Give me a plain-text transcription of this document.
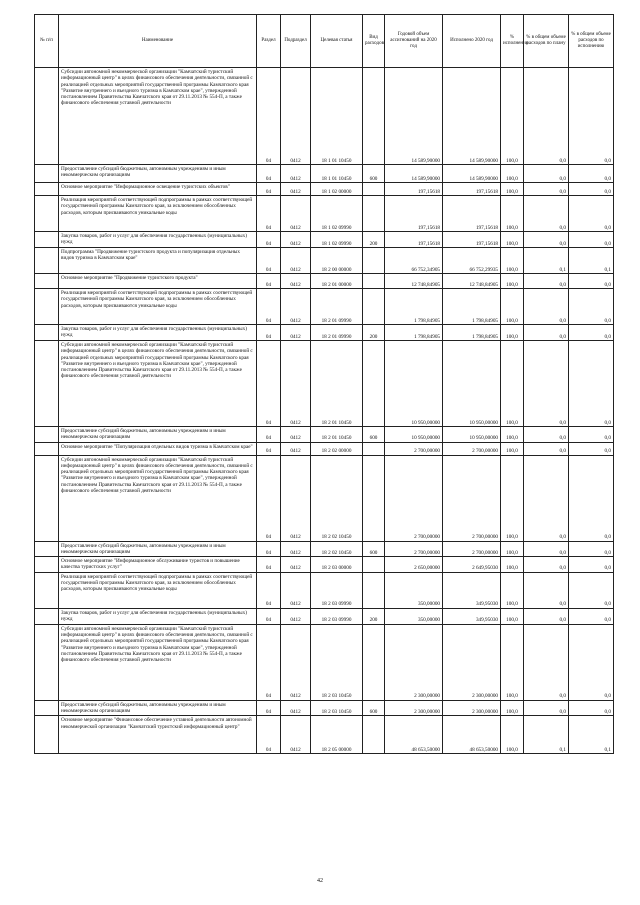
№ п/п	Наименование	Раздел	Подраздел	Целевая статья	Вид расходов	Годовой объем ассигнований на 2020 год	Исполнено 2020 год	% исполнения	% в общем объеме расходов по плану	% в общем объеме расходов по исполнению
	Субсидии автономной некоммерческой организации "Камчатский туристский информационный центр" в целях финансового обеспечения деятельности, связанной с реализацией отдельных мероприятий государственной программы Камчатского края "Развитие внутреннего и въездного туризма в Камчатском крае", утвержденной постановлением Правительства Камчатского края от 29.11.2013 № 554-П, а также финансового обеспечения уставной деятельности	04	0412	18 1 01 10450		14 589,90000	14 589,90000	100,0	0,0	0,0
	Предоставление субсидий бюджетным, автономным учреждениям и иным некоммерческим организациям	04	0412	18 1 01 10450	600	14 589,90000	14 589,90000	100,0	0,0	0,0
	Основное мероприятие "Информационное освещение туристских объектов"	04	0412	18 1 02 00000		197,15618	197,15618	100,0	0,0	0,0
	Реализация мероприятий соответствующей подпрограммы в рамках соответствующей государственной программы Камчатского края, за исключением обособленных расходов, которым присваиваются уникальные коды	04	0412	18 1 02 09990		197,15618	197,15618	100,0	0,0	0,0
	Закупка товаров, работ и услуг для обеспечения государственных (муниципальных) нужд	04	0412	18 1 02 09990	200	197,15618	197,15618	100,0	0,0	0,0
	Подпрограмма "Продвижение туристского продукта и популяризация отдельных видов туризма в Камчатском крае"	04	0412	18 2 00 00000		66 752,34905	66 752,29935	100,0	0,1	0,1
	Основное мероприятие "Продвижение туристского продукта"	04	0412	18 2 01 00000		12 748,84905	12 748,84905	100,0	0,0	0,0
	Реализация мероприятий соответствующей подпрограммы в рамках соответствующей государственной программы Камчатского края, за исключением обособленных расходов, которым присваиваются уникальные коды	04	0412	18 2 01 09990		1 798,84905	1 798,84905	100,0	0,0	0,0
	Закупка товаров, работ и услуг для обеспечения государственных (муниципальных) нужд	04	0412	18 2 01 09990	200	1 798,84905	1 798,84905	100,0	0,0	0,0
	Субсидии автономной некоммерческой организации "Камчатский туристский информационный центр" в целях финансового обеспечения деятельности, связанной с реализацией отдельных мероприятий государственной программы Камчатского края "Развитие внутреннего и въездного туризма в Камчатском крае", утвержденной постановлением Правительства Камчатского края от 29.11.2013 № 554-П, а также финансового обеспечения уставной деятельности	04	0412	18 2 01 10450		10 950,00000	10 950,00000	100,0	0,0	0,0
	Предоставление субсидий бюджетным, автономным учреждениям и иным некоммерческим организациям	04	0412	18 2 01 10450	600	10 950,00000	10 950,00000	100,0	0,0	0,0
	Основное мероприятие "Популяризация отдельных видов туризма в Камчатском крае"	04	0412	18 2 02 00000		2 700,00000	2 700,00000	100,0	0,0	0,0
	Субсидии автономной некоммерческой организации "Камчатский туристский информационный центр" в целях финансового обеспечения деятельности, связанной с реализацией отдельных мероприятий государственной программы Камчатского края "Развитие внутреннего и въездного туризма в Камчатском крае", утвержденной постановлением Правительства Камчатского края от 29.11.2013 № 554-П, а также финансового обеспечения уставной деятельности	04	0412	18 2 02 10450		2 700,00000	2 700,00000	100,0	0,0	0,0
	Предоставление субсидий бюджетным, автономным учреждениям и иным некоммерческим организациям	04	0412	18 2 02 10450	600	2 700,00000	2 700,00000	100,0	0,0	0,0
	Основное мероприятие "Информационное обслуживание туристов и повышение качества туристских услуг"	04	0412	18 2 03 00000		2 650,00000	2 649,95030	100,0	0,0	0,0
	Реализация мероприятий соответствующей подпрограммы в рамках соответствующей государственной программы Камчатского края, за исключением обособленных расходов, которым присваиваются уникальные коды	04	0412	18 2 03 09990		350,00000	349,95030	100,0	0,0	0,0
	Закупка товаров, работ и услуг для обеспечения государственных (муниципальных) нужд	04	0412	18 2 03 09990	200	350,00000	349,95030	100,0	0,0	0,0
	Субсидии автономной некоммерческой организации "Камчатский туристский информационный центр" в целях финансового обеспечения деятельности, связанной с реализацией отдельных мероприятий государственной программы Камчатского края "Развитие внутреннего и въездного туризма в Камчатском крае", утвержденной постановлением Правительства Камчатского края от 29.11.2013 № 554-П, а также финансового обеспечения уставной деятельности	04	0412	18 2 03 10450		2 300,00000	2 300,00000	100,0	0,0	0,0
	Предоставление субсидий бюджетным, автономным учреждениям и иным некоммерческим организациям	04	0412	18 2 03 10450	600	2 300,00000	2 300,00000	100,0	0,0	0,0
	Основное мероприятие "Финансовое обеспечение уставной деятельности автономной некоммерческой организации "Камчатский туристский информационный центр"	04	0412	18 2 05 00000		48 653,50000	48 653,50000	100,0	0,1	0,1
42
